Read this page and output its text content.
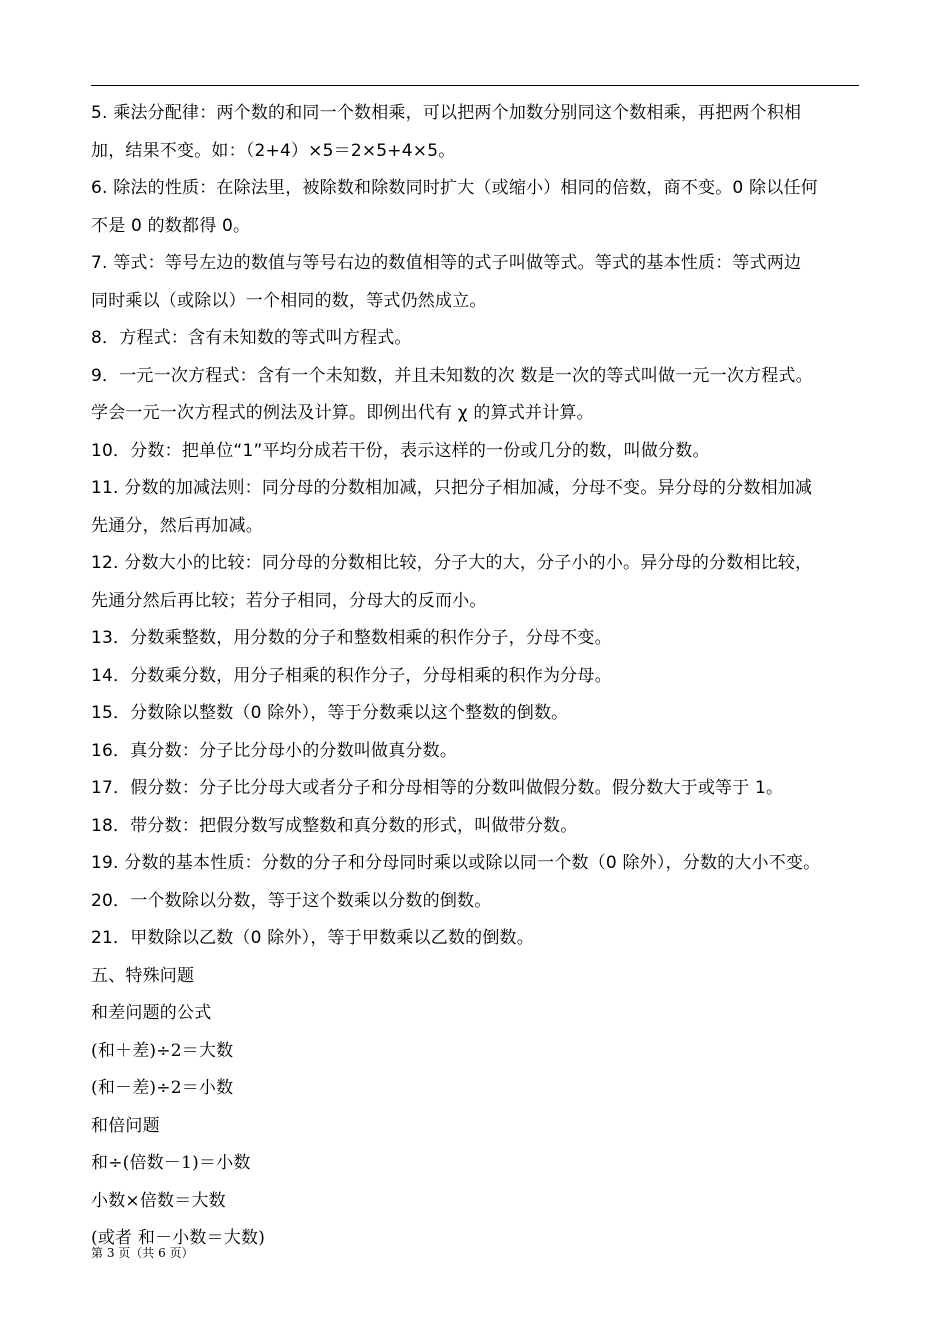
5. 乘法分配律：两个数的和同一个数相乘，可以把两个加数分别同这个数相乘，再把两个积相
加，结果不变。如：（2+4）×5＝2×5+4×5。
6. 除法的性质：在除法里，被除数和除数同时扩大（或缩小）相同的倍数，商不变。0 除以任何
不是 0 的数都得 0。
7. 等式：等号左边的数值与等号右边的数值相等的式子叫做等式。等式的基本性质：等式两边
同时乘以（或除以）一个相同的数，等式仍然成立。
8．方程式：含有未知数的等式叫方程式。
9．一元一次方程式：含有一个未知数，并且未知数的次 数是一次的等式叫做一元一次方程式。
学会一元一次方程式的例法及计算。即例出代有 χ 的算式并计算。
10．分数：把单位“1”平均分成若干份，表示这样的一份或几分的数，叫做分数。
11. 分数的加减法则：同分母的分数相加减，只把分子相加减，分母不变。异分母的分数相加减
先通分，然后再加减。
12. 分数大小的比较：同分母的分数相比较，分子大的大，分子小的小。异分母的分数相比较，
先通分然后再比较；若分子相同，分母大的反而小。
13．分数乘整数，用分数的分子和整数相乘的积作分子，分母不变。
14．分数乘分数，用分子相乘的积作分子，分母相乘的积作为分母。
15．分数除以整数（0 除外），等于分数乘以这个整数的倒数。
16．真分数：分子比分母小的分数叫做真分数。
17．假分数：分子比分母大或者分子和分母相等的分数叫做假分数。假分数大于或等于 1。
18．带分数：把假分数写成整数和真分数的形式，叫做带分数。
19. 分数的基本性质：分数的分子和分母同时乘以或除以同一个数（0 除外），分数的大小不变。
20．一个数除以分数，等于这个数乘以分数的倒数。
21．甲数除以乙数（0 除外），等于甲数乘以乙数的倒数。
五、特殊问题
和差问题的公式
(和＋差)÷2＝大数
(和－差)÷2＝小数
和倍问题
和÷(倍数－1)＝小数
小数×倍数＝大数
(或者 和－小数＝大数)
第 3 页（共 6 页）
